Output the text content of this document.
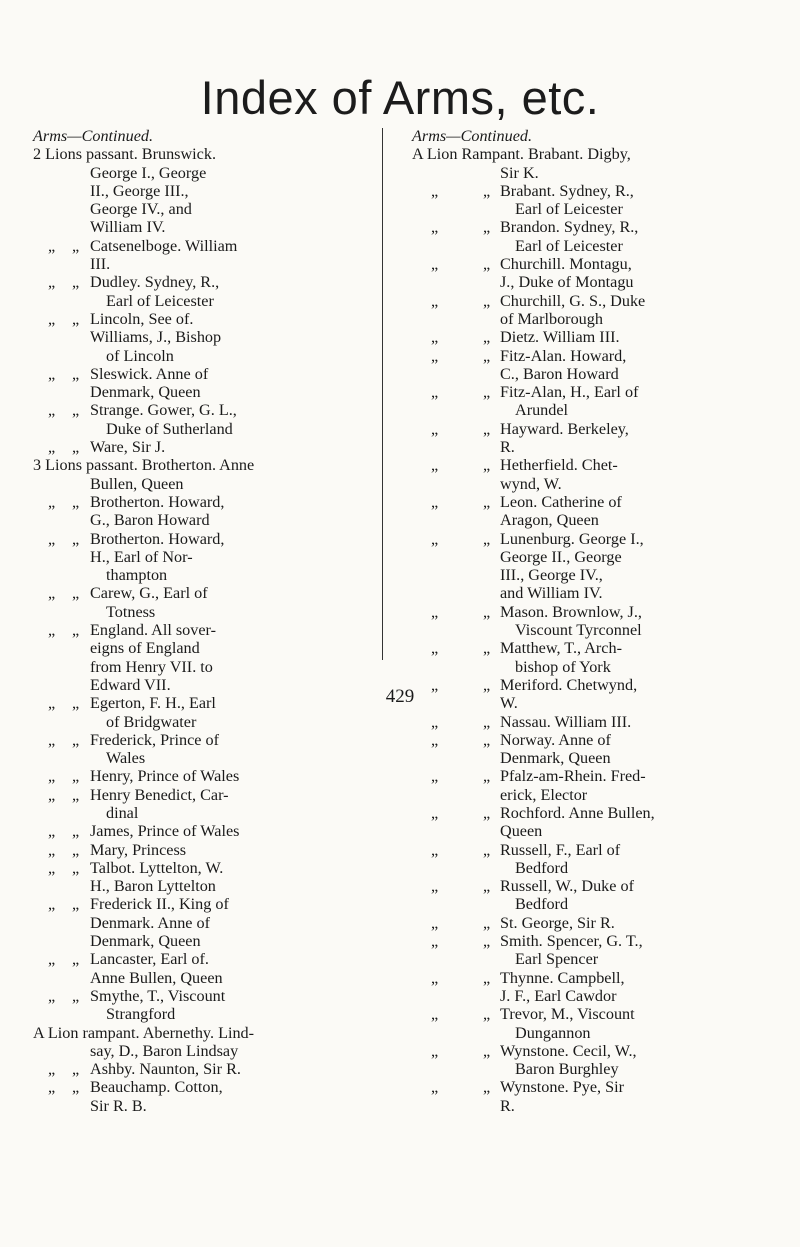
Index of Arms, etc.
Arms—Continued.
2 Lions passant. Brunswick.
George I., George
II., George III.,
George IV., and
William IV.
„ „ Catsenelboge. William
III.
„ „ Dudley. Sydney, R.,
Earl of Leicester
„ „ Lincoln, See of.
Williams, J., Bishop
of Lincoln
„ „ Sleswick. Anne of
Denmark, Queen
„ „ Strange. Gower, G. L.,
Duke of Sutherland
„ „ Ware, Sir J.
3 Lions passant. Brotherton. Anne
Bullen, Queen
„ „ Brotherton. Howard,
G., Baron Howard
„ „ Brotherton. Howard,
H., Earl of Nor-
thampton
„ „ Carew, G., Earl of
Totness
„ „ England. All sover-
eigns of England
from Henry VII. to
Edward VII.
„ „ Egerton, F. H., Earl
of Bridgwater
„ „ Frederick, Prince of
Wales
„ „ Henry, Prince of Wales
„ „ Henry Benedict, Car-
dinal
„ „ James, Prince of Wales
„ „ Mary, Princess
„ „ Talbot. Lyttelton, W.
H., Baron Lyttelton
„ „ Frederick II., King of
Denmark. Anne of
Denmark, Queen
„ „ Lancaster, Earl of.
Anne Bullen, Queen
„ „ Smythe, T., Viscount
Strangford
A Lion rampant. Abernethy. Lind-
say, D., Baron Lindsay
„ „ Ashby. Naunton, Sir R.
„ „ Beauchamp. Cotton,
Sir R. B.
Arms—Continued.
A Lion Rampant. Brabant. Digby,
Sir K.
„	„ Brabant. Sydney, R.,
Earl of Leicester
„	„ Brandon. Sydney, R.,
Earl of Leicester
„	„ Churchill. Montagu,
J., Duke of Montagu
„	„ Churchill, G. S., Duke
of Marlborough
„	„ Dietz. William III.
„	„ Fitz-Alan. Howard,
C., Baron Howard
„	„ Fitz-Alan, H., Earl of
Arundel
„	„ Hayward. Berkeley,
R.
„	„ Hetherfield. Chet-
wynd, W.
„	„ Leon. Catherine of
Aragon, Queen
„	„ Lunenburg. George I.,
George II., George
III., George IV.,
and William IV.
„	„ Mason. Brownlow, J.,
Viscount Tyrconnel
„	„ Matthew, T., Arch-
bishop of York
„	„ Meriford. Chetwynd,
W.
„	„ Nassau. William III.
„	„ Norway. Anne of
Denmark, Queen
„	„ Pfalz-am-Rhein. Fred-
erick, Elector
„	„ Rochford. Anne Bullen,
Queen
„	„ Russell, F., Earl of
Bedford
„	„ Russell, W., Duke of
Bedford
„	„ St. George, Sir R.
„	„ Smith. Spencer, G. T.,
Earl Spencer
„	„ Thynne. Campbell,
J. F., Earl Cawdor
„	„ Trevor, M., Viscount
Dungannon
„	„ Wynstone. Cecil, W.,
Baron Burghley
„	„ Wynstone. Pye, Sir
R.
429
